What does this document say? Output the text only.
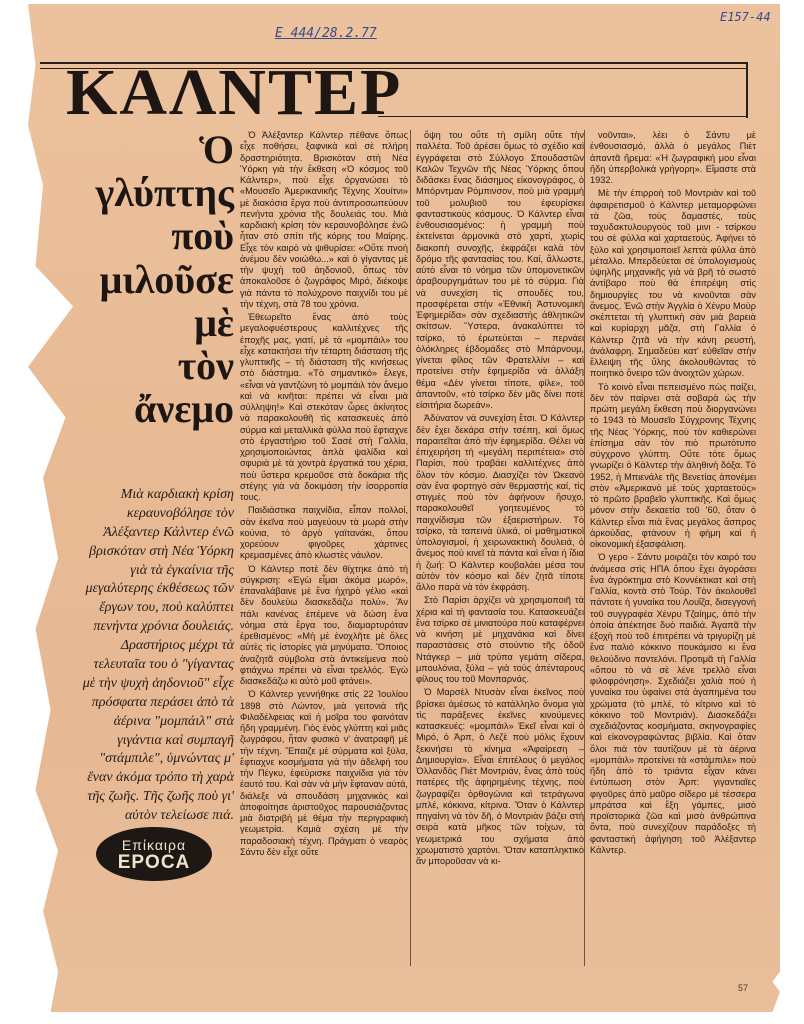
Ε 444/28.2.77
Ε157-44
ΚΑΛΝΤΕΡ
Ὁ
γλύπτης
ποὺ
μιλοῦσε
μὲ
τὸν
ἄνεμο
Μιὰ καρδιακὴ κρίση κεραυνοβόλησε τὸν Ἀλέξαντερ Κάλντερ ἐνῶ βρισκόταν στὴ Νέα Ὑόρκη γιὰ τὰ ἐγκαίνια τῆς μεγαλύτερης ἐκθέσεως τῶν ἔργων του, ποὺ καλύπτει πενήντα χρόνια δουλειάς. Δραστήριος μέχρι τὰ τελευταῖα του ὁ "γίγαντας μὲ τὴν ψυχὴ ἀηδονιοῦ" εἶχε πρόσφατα περάσει ἀπὸ τὰ ἀέρινα "μομπάιλ" στὰ γιγάντια καὶ συμπαγῆ "στάμπιλε", ὑμνώντας μ' ἕναν ἀκόμα τρόπο τὴ χαρὰ τῆς ζωῆς. Τῆς ζωῆς ποὺ γι' αὐτὸν τελείωσε πιά.
Επίκαιρα
EPOCA

Ὁ Ἀλέξαντερ Κάλντερ πέθανε ὅπως εἶχε ποθήσει, ξαφνικὰ καὶ σὲ πλήρη δραστηριότητα. Βρισκόταν στὴ Νέα Ὑόρκη γιὰ τὴν ἔκθεση «Ὁ κόσμος τοῦ Κάλντερ», ποὺ εἶχε ὀργανώσει τὸ «Μουσεῖο Ἀμερικανικῆς Τέχνης Χουίτνι» μὲ διακόσια ἔργα ποὺ ἀντιπροσωπεύουν πενήντα χρόνια τῆς δουλειάς του. Μιὰ καρδιακὴ κρίση τὸν κεραυνοβόλησε ἐνῶ ἦταν στὸ σπίτι τῆς κόρης του Μαίρης. Εἶχε τὸν καιρὸ νὰ ψιθυρίσει: «Οὔτε πνοὴ ἀνέμου δὲν νοιώθω...» καὶ ὁ γίγαντας μὲ τὴν ψυχὴ τοῦ ἀηδονιοῦ, ὅπως τὸν ἀποκαλοῦσε ὁ ζωγράφος Μιρό, διέκοψε γιὰ πάντα τὸ πολύχρονο παιχνίδι του μὲ τὴν τέχνη, στὰ 78 του χρόνια.

Ἐθεωρεῖτο ἕνας ἀπὸ τοὺς μεγαλοφυέστερους καλλιτέχνες τῆς ἐποχῆς μας, γιατί, μὲ τὰ «μομπάιλ» του εἶχε κατακτήσει τὴν τέταρτη διάσταση τῆς γλυπτικῆς – τὴ διάσταση τῆς κινήσεως στὸ διάστημα. «Τὸ σημαντικό» ἔλεγε, «εἶναι νὰ γαντζώνη τὸ μομπάιλ τὸν ἄνεμο καὶ νὰ κινῆται: πρέπει νὰ εἶναι μιὰ σύλληψη!» Καὶ στεκόταν ὧρες ἀκίνητος νὰ παρακολουθῆ τὶς κατασκευὲς ἀπὸ σύρμα καὶ μεταλλικὰ φύλλα ποὺ ἔφτιαχνε στὸ ἐργαστήριο τοῦ Σασὲ στὴ Γαλλία, χρησιμοποιώντας ἁπλὰ ψαλίδια καὶ σφυριὰ μὲ τὰ χοντρὰ ἐργατικά του χέρια, ποὺ ὕστερα κρεμοῦσε στὰ δοκάρια τῆς στέγης γιὰ νὰ δοκιμάση τὴν ἰσορροπία τους.

Παιδιάστικα παιχνίδια, εἶπαν πολλοί, σὰν ἐκεῖνα ποὺ μαγεύουν τὰ μωρὰ στὴν κούνια, τὸ ἀργὸ γαϊτανάκι, ὅπου χορεύουν φιγοῦρες χάρτινες κρεμασμένες ἀπὸ κλωστὲς νάυλον.

Ὁ Κάλντερ ποτὲ δὲν θίχτηκε ἀπὸ τὴ σύγκριση: «Ἐγὼ εἶμαι ἀκόμα μωρό», ἐπαναλάβαινε μὲ ἕνα ἠχηρὸ γέλιο «καὶ δὲν δουλεύω διασκεδάζω πολύ». Ἂν πάλι κανένας ἐπέμενε νὰ δώση ἕνα νόημα στὰ ἔργα του, διαμαρτυρόταν ἐρεθισμένος: «Μὴ μὲ ἐνοχλῆτε μὲ ὅλες αὐτὲς τὶς ἱστορίες γιὰ μηνύματα. Ὅποιος ἀναζητᾶ σύμβολα στὰ ἀντικείμενα ποὺ φτιάχνω πρέπει νὰ εἶναι τρελλός. Ἐγὼ διασκεδάζω κι αὐτὸ μοῦ φτάνει».

Ὁ Κάλντερ γεννήθηκε στὶς 22 Ἰουλίου 1898 στὸ Λώντον, μιὰ γειτονιὰ τῆς Φιλαδέλφειας καὶ ἡ μοῖρα του φαινόταν ἤδη γραμμένη. Γιὸς ἑνὸς γλύπτη καὶ μιᾶς ζωγράφου, ἦταν φυσικὸ ν' ἀνατραφῆ μὲ τὴν τέχνη. Ἔπαιζε μὲ σύρματα καὶ ξύλα, ἔφτιαχνε κοσμήματα γιὰ τὴν ἀδελφή του τὴν Πέγκυ, ἐφεύρισκε παιχνίδια γιὰ τὸν ἑαυτό του. Καὶ σὰν νὰ μὴν ἔφταναν αὐτά, διάλεξε νὰ σπουδάση μηχανικὸς καὶ ἀποφοίτησε ἀριστοῦχος παρουσιάζοντας μιὰ διατριβὴ μὲ θέμα τὴν περιγραφικὴ γεωμετρία. Καμιὰ σχέση μὲ τὴν παραδοσιακὴ τέχνη. Πράγματι ὁ νεαρὸς Σάντυ δὲν εἶχε οὔτε

ὄψη του οὔτε τὴ σμίλη οὔτε τὴν παλλέτα. Τοῦ ἀρέσει ὅμως τὸ σχέδιο καὶ ἐγγράφεται στὸ Σύλλογο Σπουδαστῶν Καλῶν Τεχνῶν τῆς Νέας Ὑόρκης ὅπου διδάσκει ἕνας διάσημος εἰκονογράφος, ὁ Μπόρντμαν Ρόμπινσον, ποὺ μιὰ γραμμὴ τοῦ μολυβιοῦ του ἐφευρίσκει φανταστικοὺς κόσμους. Ὁ Κάλντερ εἶναι ἐνθουσιασμένος: ἡ γραμμὴ ποὺ ἐκτείνεται ἁρμονικὰ στὸ χαρτί, χωρὶς διακοπὴ συνοχῆς, ἐκφράζει καλὰ τὸν δρόμο τῆς φαντασίας του. Καί, ἄλλωστε, αὐτὸ εἶναι τὸ νόημα τῶν ὑπομονετικῶν ἀραβουργημάτων του μὲ τὸ σύρμα. Γιὰ νὰ συνεχίση τὶς σπουδές του, προσφέρεται στὴν «Ἐθνικὴ Ἀστυνομικὴ Ἐφημερίδα» σὰν σχεδιαστὴς ἀθλητικῶν σκίτσων. Ὕστερα, ἀνακαλύπτει τὸ τσίρκο, τὸ ἐρωτεύεται – περνάει ὁλόκληρες ἑβδομάδες στὸ Μπάρνουμ, γίνεται φίλος τῶν Φρατελλίνι – καὶ προτείνει στὴν ἐφημερίδα νὰ ἀλλάξη θέμα «Δὲν γίνεται τίποτε, φίλε», τοῦ ἀπαντοῦν, «τὸ τσίρκο δὲν μᾶς δίνει ποτὲ εἰσιτήρια δωρεάν».

Ἀδύνατον νὰ συνεχίση ἔτσι. Ὁ Κάλντερ δὲν ἔχει δεκάρα στὴν τσέπη, καὶ ὅμως παραιτεῖται ἀπὸ τὴν ἐφημερίδα. Θέλει νὰ ἐπιχειρήση τὴ «μεγάλη περιπέτεια» στὸ Παρίσι, ποὺ τραβάει καλλιτέχνες ἀπὸ ὅλον τὸν κόσμο. Διασχίζει τὸν Ὠκεανὸ σὰν ἕνα φορτηγὸ σὰν θερμαστής καί, τὶς στιγμὲς ποὺ τὸν ἀφήνουν ἥσυχο, παρακολουθεῖ γοητευμένος τὸ παιχνίδισμα τῶν ἐξαεριστήρων. Τὸ τσίρκο, τὰ ταπεινὰ ὑλικά, οἱ μαθηματικοὶ ὑπολογισμοί, ἡ χειρωνακτικὴ δουλειά, ὁ ἄνεμος ποὺ κινεῖ τὰ πάντα καὶ εἶναι ἡ ἴδια ἡ ζωή: Ὁ Κάλντερ κουβαλάει μέσα του αὐτὸν τὸν κόσμο καὶ δὲν ζητᾶ τίποτε ἄλλο παρὰ νὰ τὸν ἐκφράση.

Στὸ Παρίσι ἀρχίζει νὰ χρησιμοποιῆ τὰ χέρια καὶ τὴ φαντασία του. Κατασκευάζει ἕνα τσίρκο σὲ μινιατούρα ποὺ καταφέρνει νὰ κινήση μὲ μηχανάκια καὶ δίνει παραστάσεις στὸ στούντιο τῆς ὁδοῦ Ντάγκερ – μιὰ τρύπα γεμάτη σίδερα, μπουλόνια, ξύλα – γιὰ τοὺς ἀπένταρους φίλους του τοῦ Μονπαρνάς.

Ὁ Μαρσὲλ Ντυσὰν εἶναι ἐκεῖνος ποὺ βρίσκει ἀμέσως τὸ κατάλληλο ὄνομα γιὰ τὶς παράξενες ἐκεῖνες κινούμενες κατασκευές: «μομπάιλ» Ἐκεῖ εἶναι καὶ ὁ Μιρό, ὁ Ἀρπ, ὁ Λεζὲ ποὺ μόλις ἔχουν ξεκινήσει τὸ κίνημα «Ἀφαίρεση – Δημιουργία». Εἶναι ἐπιτέλους ὁ μεγάλος Ὁλλανδὸς Πιὲτ Μοντριάν, ἕνας ἀπὸ τοὺς πατέρες τῆς ἀφηρημένης τέχνης, ποὺ ζωγραφίζει ὀρθογώνια καὶ τετράγωνα μπλέ, κόκκινα, κίτρινα. Ὅταν ὁ Κάλντερ πηγαίνη νὰ τὸν δῆ, ὁ Μοντριὰν βάζει στὴ σειρὰ κατὰ μῆκος τῶν τοίχων, τὰ γεωμετρικά του σχήματα ἀπὸ χρωματιστὸ χαρτόνι. Ὅταν καταπληκτικὸ ἂν μποροῦσαν νὰ κι-

νοῦνται», λέει ὁ Σάντυ μὲ ἐνθουσιασμό, ἀλλὰ ὁ μεγάλος Πιὲτ ἀπαντᾶ ἤρεμα: «Ἡ ζωγραφική μου εἶναι ἤδη ὑπερβολικὰ γρήγορη». Εἴμαστε στὰ 1932.

Μὲ τὴν ἐπιρροὴ τοῦ Μοντριὰν καὶ τοῦ ἀφαιρετισμοῦ ὁ Κάλντερ μεταμορφώνει τὰ ζῶα, τοὺς δαμαστές, τοὺς ταχυδακτυλουργοὺς τοῦ μινι - τσίρκου του σὲ φύλλα καὶ χαρταετούς. Ἀφήνει τὸ ξύλο καὶ χρησιμοποιεῖ λεπτὰ φύλλα ἀπὸ μέταλλο. Μπερδεύεται σὲ ὑπολογισμοὺς ὑψηλῆς μηχανικῆς γιὰ νὰ βρῆ τὸ σωστὸ ἀντίβαρο ποὺ θὰ ἐπιτρέψη στὶς δημιουργίες του νὰ κινοῦνται σὰν ἄνεμος. Ἐνῶ στὴν Ἀγγλία ὁ Χένρυ Μοὺρ σκέπτεται τὴ γλυπτικὴ σὰν μιὰ βαρειὰ καὶ κυρίαρχη μᾶζα, στὴ Γαλλία ὁ Κάλντερ ζητᾶ νὰ τὴν κάνη ρευστή, ἀνάλαφρη. Σημαδεύει κατ' εὐθεῖαν στὴν ἔλλειψη τῆς ὕλης ἀκολουθώντας τὸ ποιητικὸ ὄνειρο τῶν ἀνοιχτῶν χώρων.

Τὸ κοινὸ εἶναι πεπεισμένο πὼς παίζει, δὲν τὸν παίρνει στὰ σοβαρὰ ὡς τὴν πρώτη μεγάλη ἔκθεση ποὺ διοργανώνει τὸ 1943 τὸ Μουσεῖο Σύγχρονης Τέχνης τῆς Νέας Ὑόρκης, ποὺ τὸν καθιερώνει ἐπίσημα σὰν τὸν πιὸ πρωτότυπο σύγχρονο γλύπτη. Οὔτε τότε ὅμως γνωρίζει ὁ Κάλντερ τὴν ἀληθινὴ δόξα. Τὸ 1952, ἡ Μπιενάλε τῆς Βενετίας ἀπονέμει στὸν «Ἀμερικανὸ μὲ τοὺς χαρταετούς» τὸ πρῶτο βραβεῖο γλυπτικῆς. Καὶ ὅμως μόνον στὴν δεκαετία τοῦ '60, ὅταν ὁ Κάλντερ εἶναι πιὰ ἕνας μεγάλος ἄσπρος ἀρκούδας, φτάνουν ἡ φήμη καὶ ἡ οἰκονομικὴ ἐξασφάλιση.

Ὁ γερο - Σάντυ μοιράζει τὸν καιρό του ἀνάμεσα στὶς ΗΠΑ ὅπου ἔχει ἀγοράσει ἕνα ἀγρόκτημα στὸ Κοννέκτικατ καὶ στὴ Γαλλία, κοντὰ στὸ Τούρ. Τὸν ἀκολουθεῖ πάντοτε ἡ γυναίκα του Λουΐζα, δισεγγονὴ τοῦ συγγραφέα Χένρυ Τζαίημς, ἀπὸ τὴν ὁποία ἀπέκτησε δυὸ παιδιά. Ἀγαπᾶ τὴν ἐξοχὴ ποὺ τοῦ ἐπιτρέπει νὰ τριγυρίζη μὲ ἕνα παλιὸ κόκκινο πουκάμισο κι ἕνα θελούδινο παντελόνι. Προτιμᾶ τὴ Γαλλία «ὅπου τὸ νὰ σὲ λένε τρελλὸ εἶναι φιλοφρόνηση». Σχεδιάζει χαλιὰ ποὺ ἡ γυναίκα του ὑφαίνει στὰ ἀγαπημένα του χρώματα (τὸ μπλέ, τὸ κίτρινο καὶ τὸ κόκκινο τοῦ Μοντριάν). Διασκεδάζει σχεδιάζοντας κοσμήματα, σκηνογραφίες καὶ εἰκονογραφώντας βιβλία. Καὶ ὅταν ὅλοι πιὰ τὸν ταυτίζουν μὲ τὰ ἀέρινα «μομπάιλ» προτείνει τὰ «στάμπιλε» ποὺ ἤδη ἀπὸ τὸ τριάντα εἶχαν κάνει ἐντύπωση στὸν Ἀρπ: γιγαντιαῖες φιγοῦρες ἀπὸ μαῦρο σίδερο μὲ τέσσερα μπράτσα καὶ ἕξη γάμπες, μισὸ προϊστορικὰ ζῶα καὶ μισὸ ἀνθρώπινα ὄντα, ποὺ συνεχίζουν παράδοξες τὴ φανταστικὴ ἀφήγηση τοῦ Ἀλέξαντερ Κάλντερ.

57
